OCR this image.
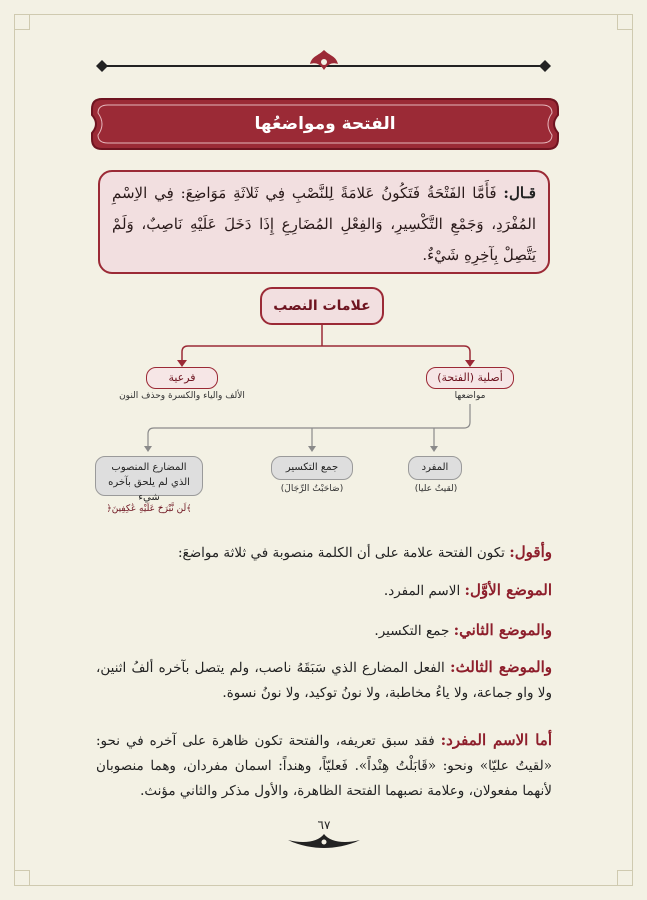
الفتحة ومواضعُها
قـال: فَأَمَّا الفَتْحَةُ فَتَكُونُ عَلامَةً لِلنَّصْبِ فِي ثَلاثَةِ مَوَاضِعَ: فِي الاِسْمِ المُفْرَدِ، وَجَمْعِ التَّكْسِيرِ، وَالفِعْلِ المُضَارِعِ إِذَا دَخَلَ عَلَيْهِ نَاصِبٌ، وَلَمْ يَتَّصِلْ بِآخِرِهِ شَيْءٌ.
علامات النصب
فرعية
الألف والياء والكسرة وحذف النون
أصلية (الفتحة)
مواضعها
المفرد
(لقيتُ عليا)
جمع التكسير
(صَاحَبْتُ الرِّجَالَ)
المضارع المنصوب
الذي لم يلحق بآخره شيء
﴿لَن نَّبْرَحَ عَلَيْهِ عَٰكِفِينَ﴾
وأقول: تكون الفتحة علامة على أن الكلمة منصوبة في ثلاثة مواضعَ:
الموضع الأوَّل: الاسم المفرد.
والموضع الثاني: جمع التكسير.
والموضع الثالث: الفعل المضارع الذي سَبَقَهُ ناصب، ولم يتصل بآخره ألفُ اثنين، ولا واو جماعة، ولا ياءُ مخاطبة، ولا نونُ توكيد، ولا نونُ نسوة.
أما الاسم المفرد: فقد سبق تعريفه، والفتحة تكون ظاهرة على آخره في نحو: «لقيتُ عليّا» ونحو: «قَابَلْتُ هِنْداً». فَعليّاً، وهنداً: اسمان مفردان، وهما منصوبان لأنهما مفعولان، وعلامة نصبهما الفتحة الظاهرة، والأول مذكر والثاني مؤنث.
٦٧
